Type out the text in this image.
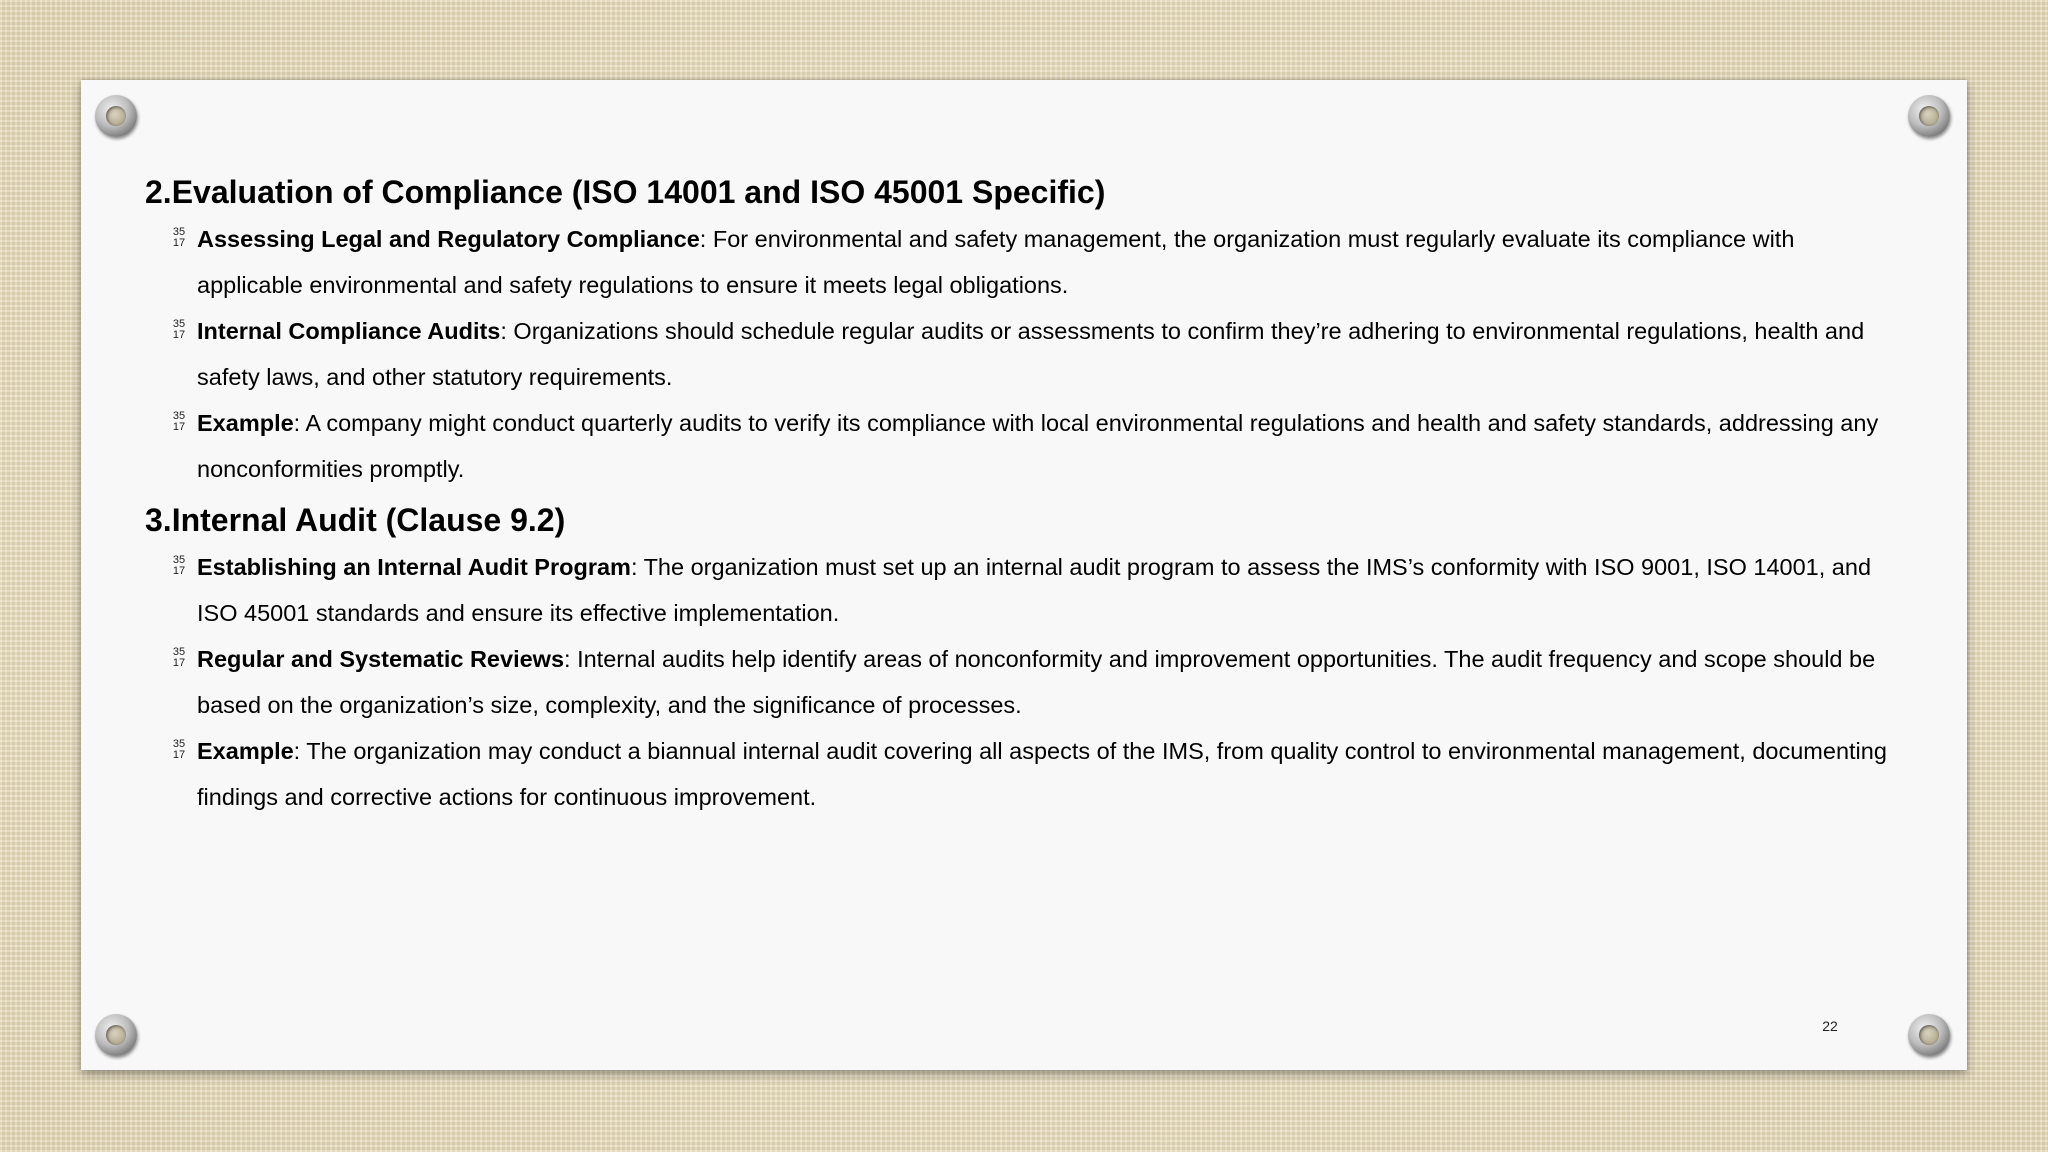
2.Evaluation of Compliance (ISO 14001 and ISO 45001 Specific)
35
17 Assessing Legal and Regulatory Compliance: For environmental and safety management, the organization must regularly evaluate its compliance with applicable environmental and safety regulations to ensure it meets legal obligations.
35
17 Internal Compliance Audits: Organizations should schedule regular audits or assessments to confirm they’re adhering to environmental regulations, health and safety laws, and other statutory requirements.
35
17 Example: A company might conduct quarterly audits to verify its compliance with local environmental regulations and health and safety standards, addressing any nonconformities promptly.
3.Internal Audit (Clause 9.2)
35
17 Establishing an Internal Audit Program: The organization must set up an internal audit program to assess the IMS’s conformity with ISO 9001, ISO 14001, and ISO 45001 standards and ensure its effective implementation.
35
17 Regular and Systematic Reviews: Internal audits help identify areas of nonconformity and improvement opportunities. The audit frequency and scope should be based on the organization’s size, complexity, and the significance of processes.
35
17 Example: The organization may conduct a biannual internal audit covering all aspects of the IMS, from quality control to environmental management, documenting findings and corrective actions for continuous improvement.
22
